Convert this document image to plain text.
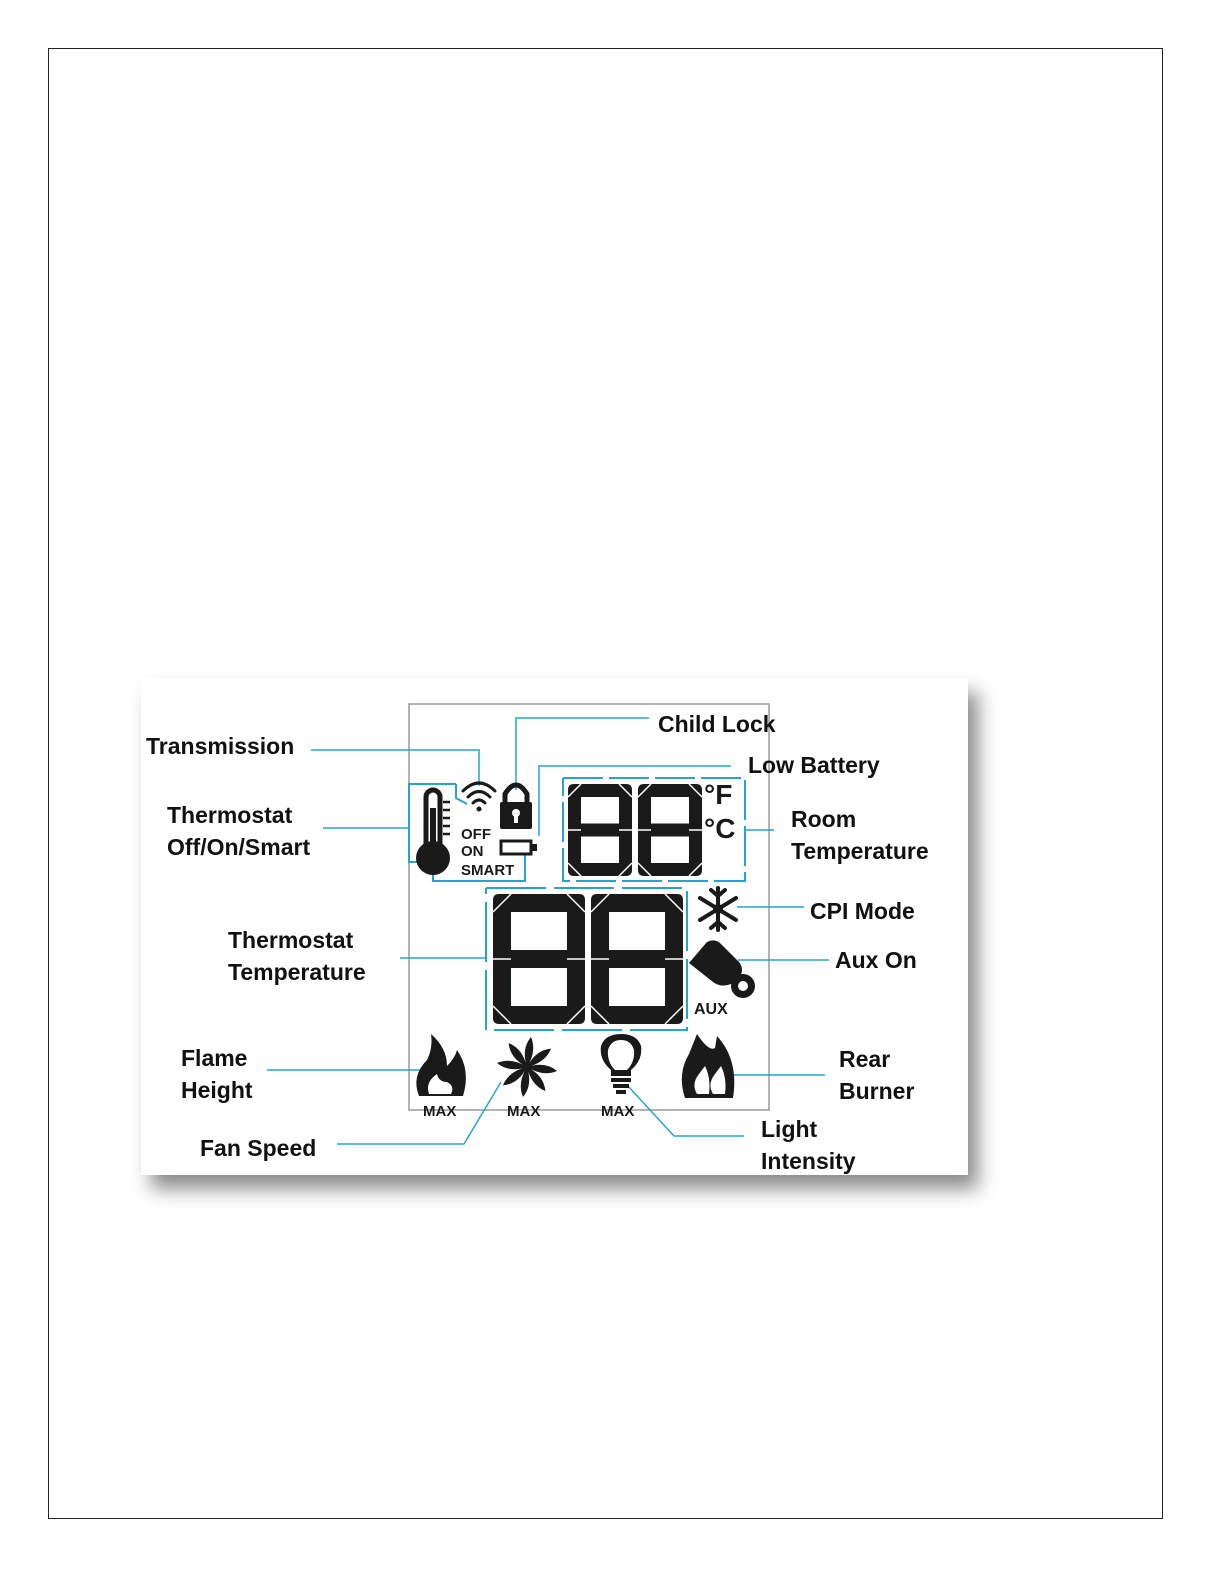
OFF
ON
SMART
°F
°C
AUX
MAX	MAX	MAX
Transmission
Child Lock
Low Battery
Thermostat
Off/On/Smart
Room
Temperature
CPI Mode
Thermostat
Temperature	Aux On
Flame
Height
Rear
Burner
Fan Speed
Light
Intensity
